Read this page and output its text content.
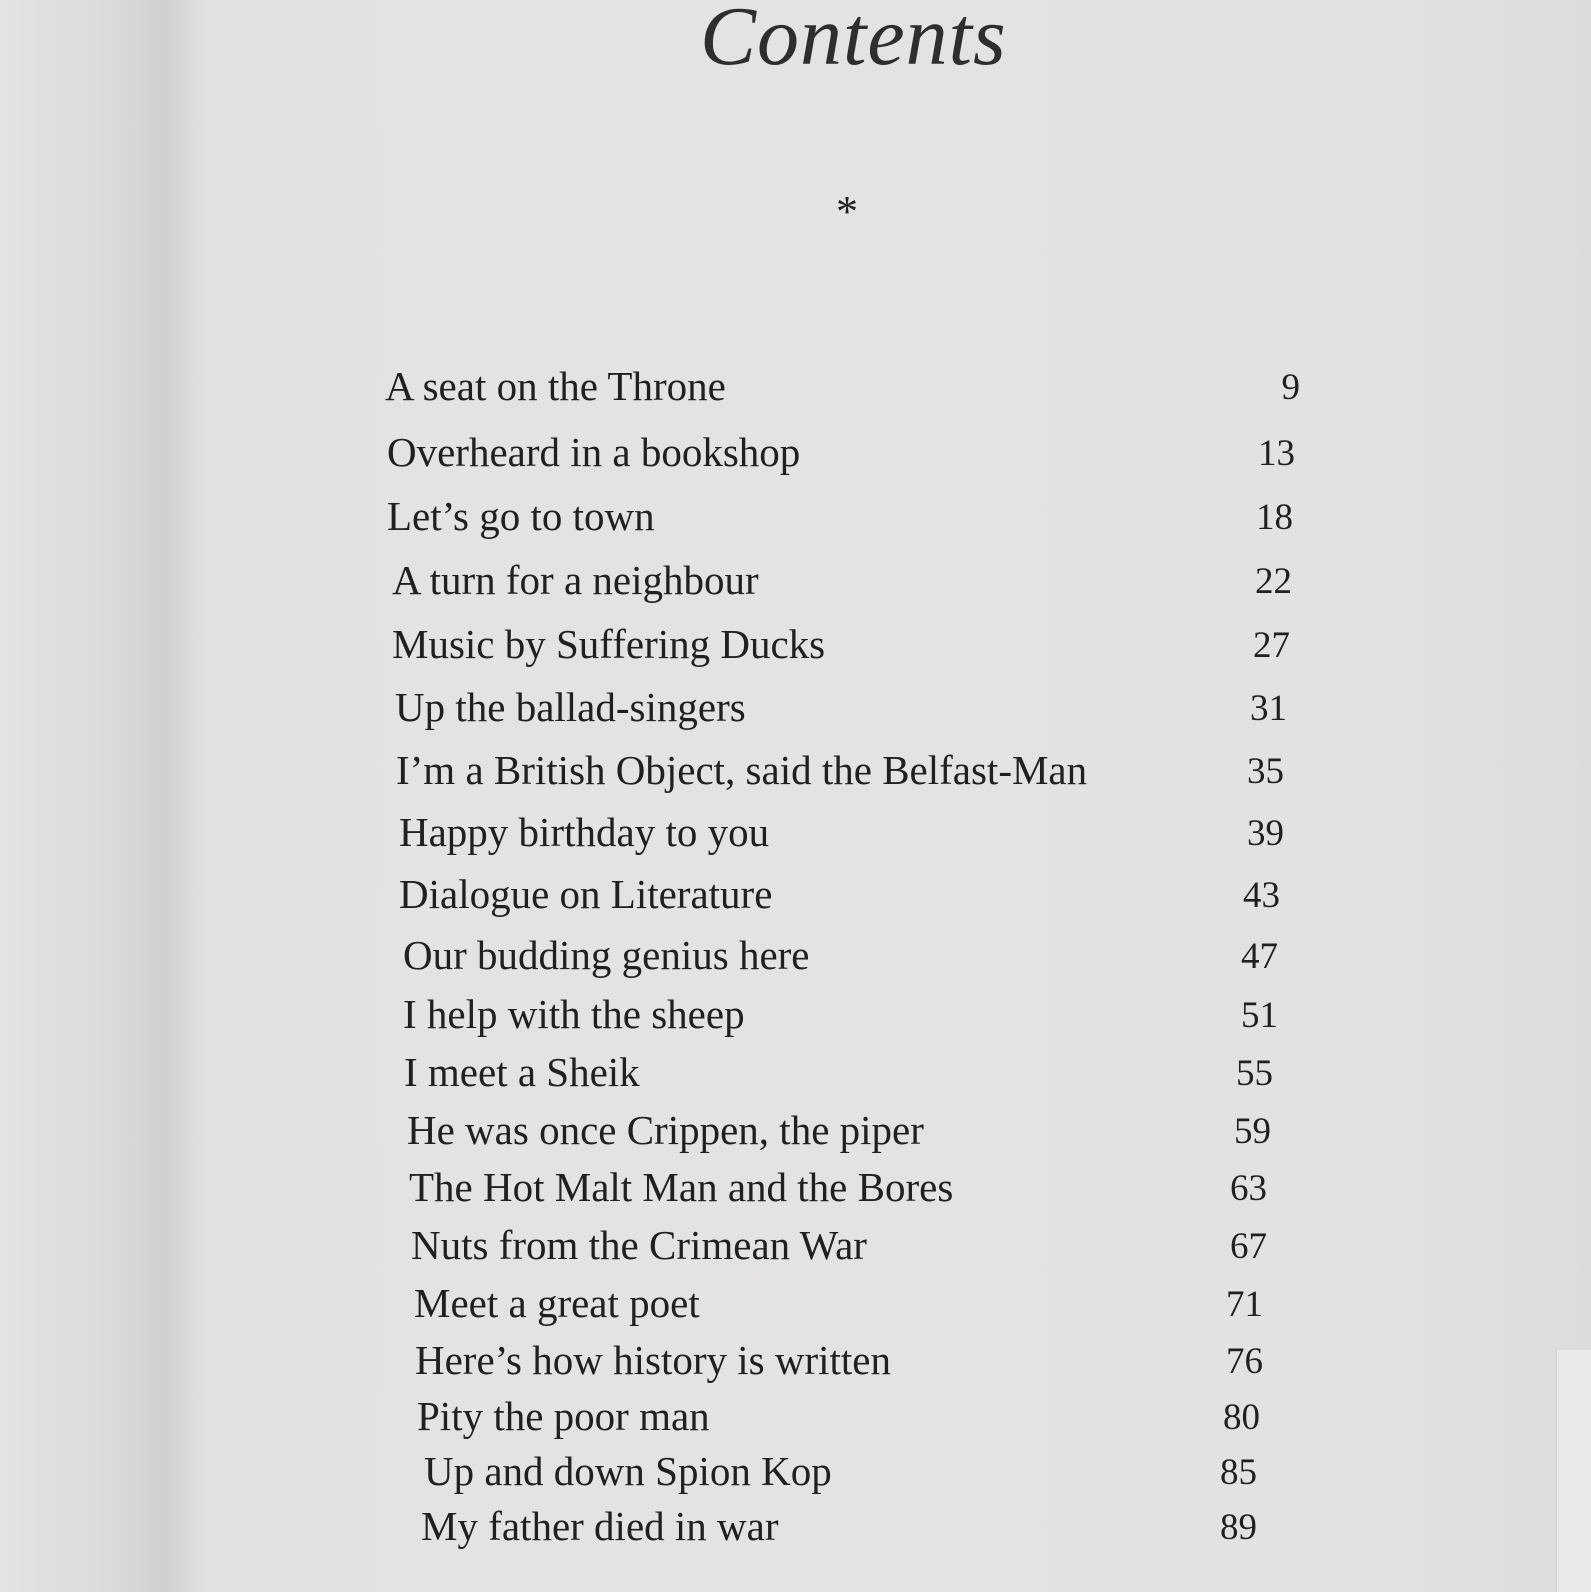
Contents
*
A seat on the Throne	9
Overheard in a bookshop	13
Let’s go to town	18
A turn for a neighbour	22
Music by Suffering Ducks	27
Up the ballad-singers	31
I’m a British Object, said the Belfast-Man	35
Happy birthday to you	39
Dialogue on Literature	43
Our budding genius here	47
I help with the sheep	51
I meet a Sheik	55
He was once Crippen, the piper	59
The Hot Malt Man and the Bores	63
Nuts from the Crimean War	67
Meet a great poet	71
Here’s how history is written	76
Pity the poor man	80
Up and down Spion Kop	85
My father died in war	89
